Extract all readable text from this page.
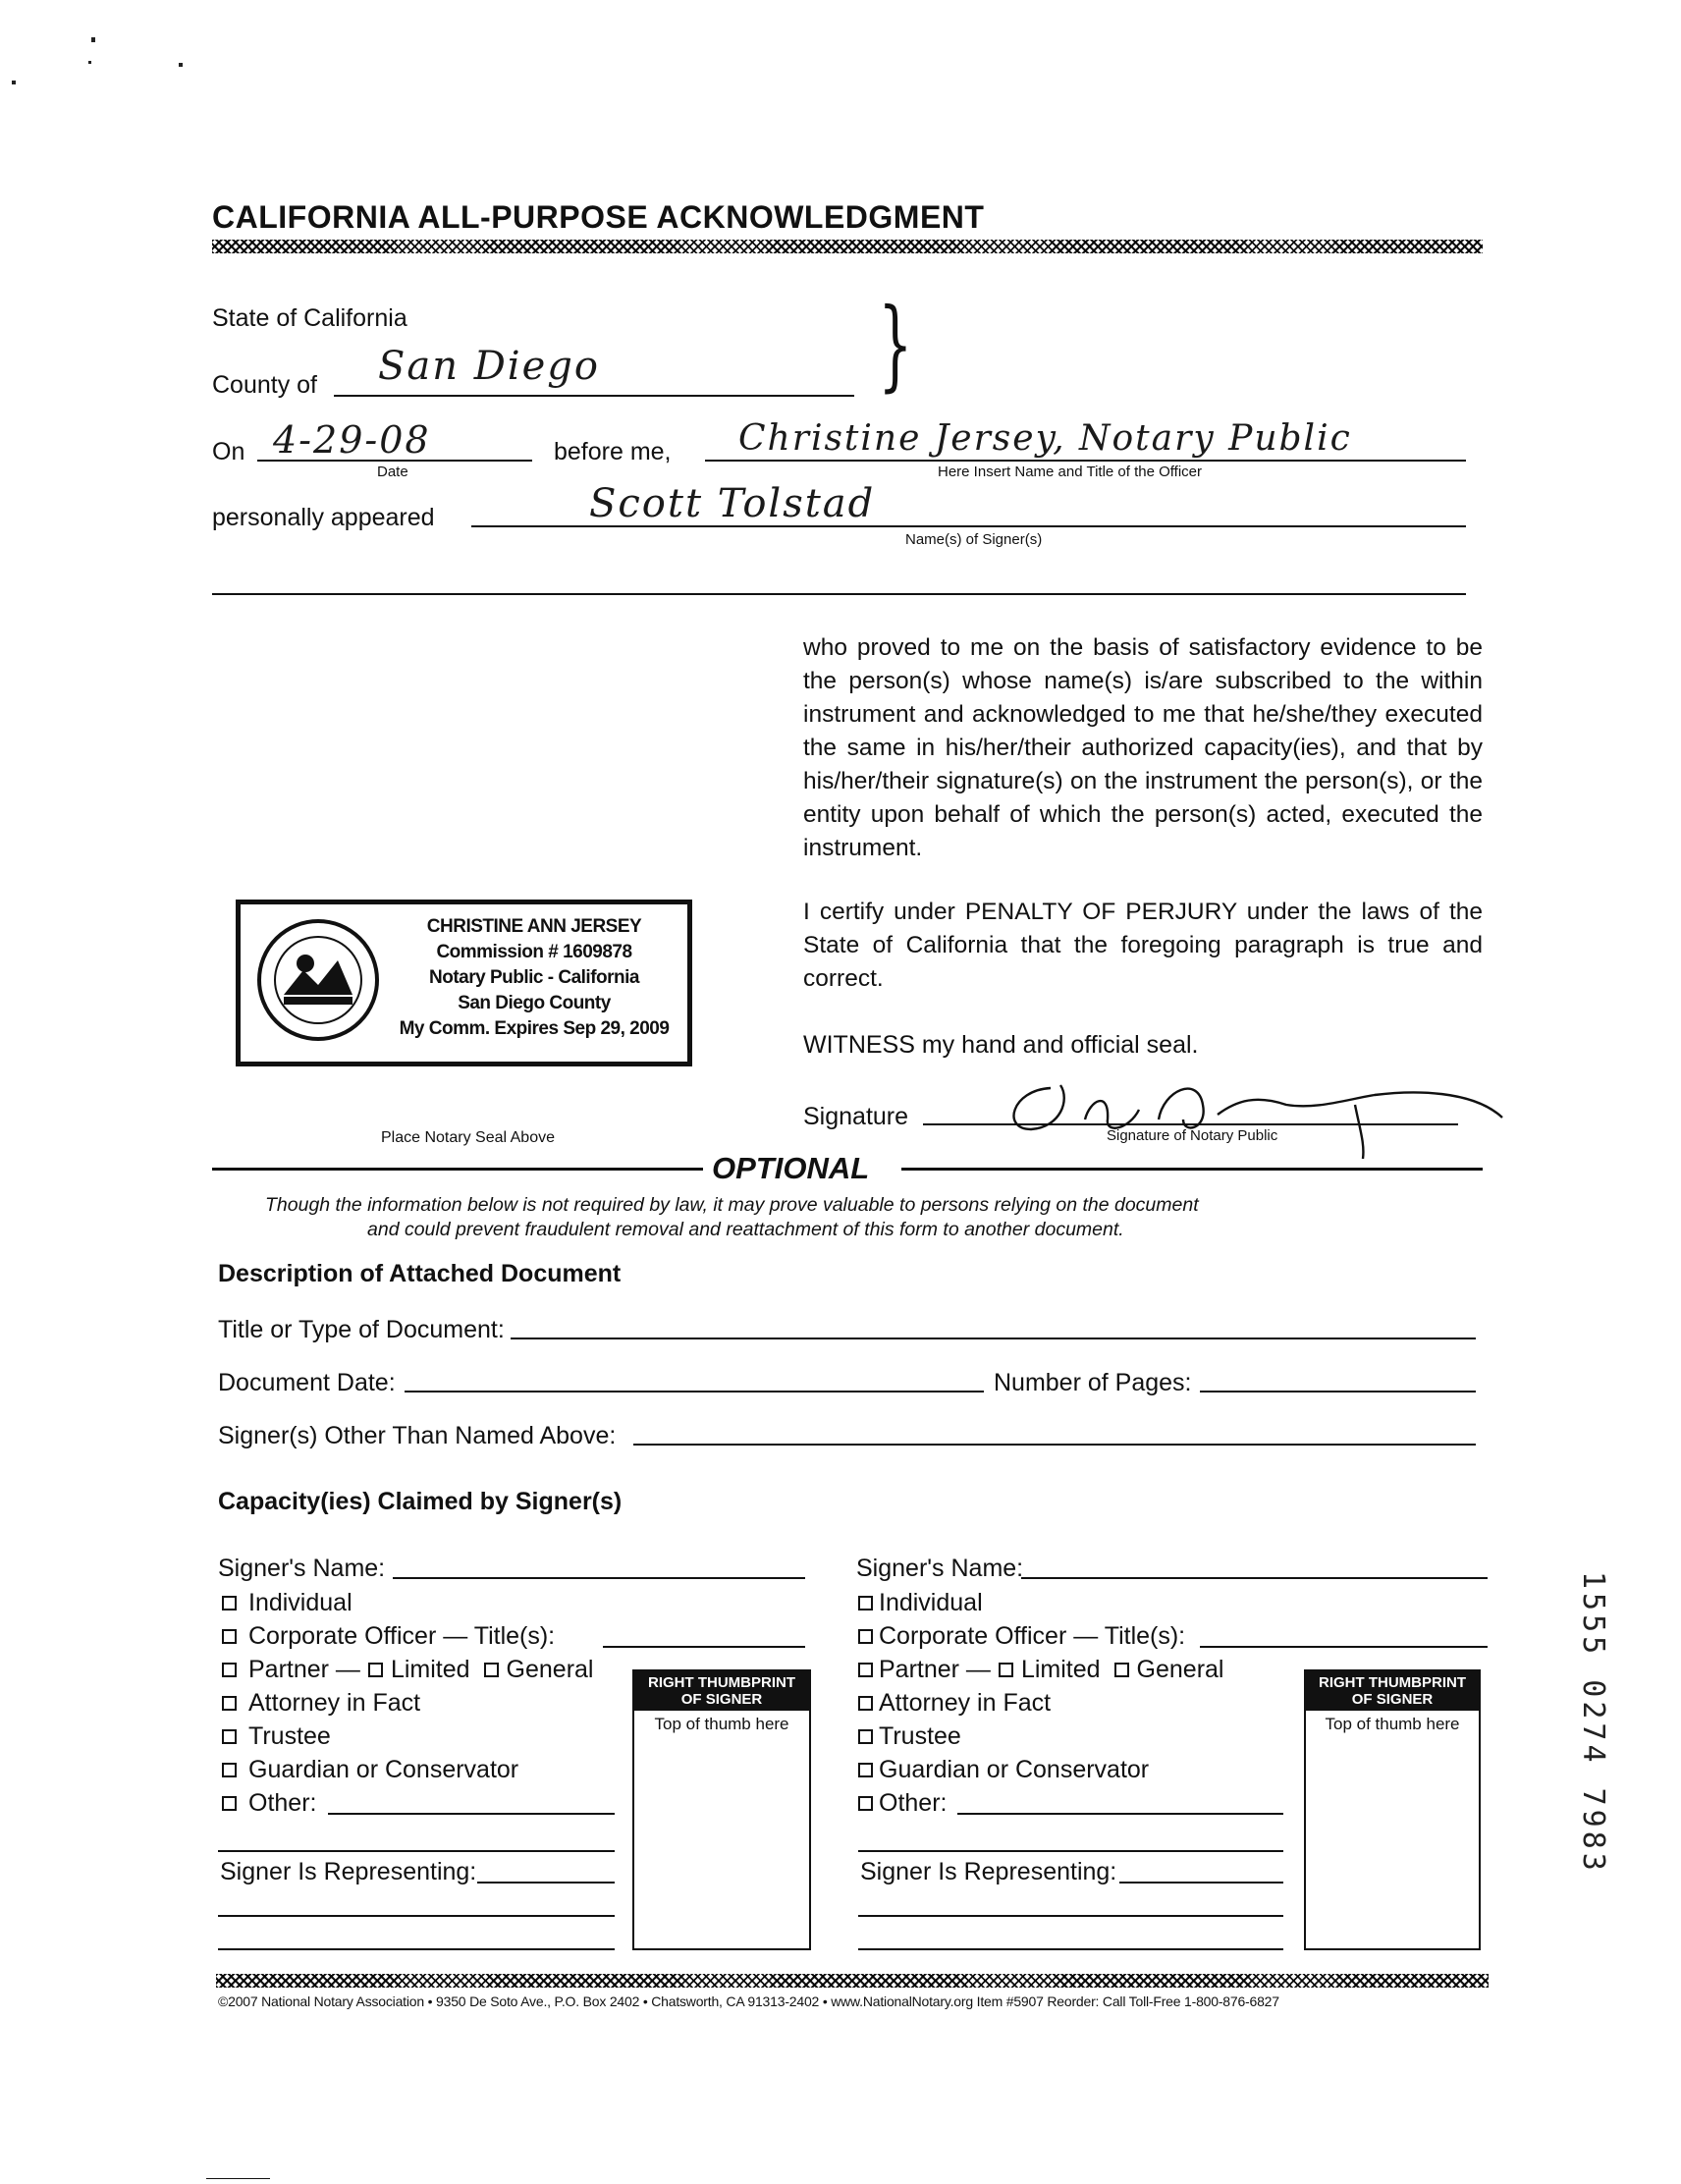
CALIFORNIA ALL-PURPOSE ACKNOWLEDGMENT
State of California
County of San Diego	}
On 4-29-08
Date
before me, Christine Jersey, Notary Public
Here Insert Name and Title of the Officer
personally appeared	Scott Tolstad
Name(s) of Signer(s)
who proved to me on the basis of satisfactory evidence to be the person(s) whose name(s) is/are subscribed to the within instrument and acknowledged to me that he/she/they executed the same in his/her/their authorized capacity(ies), and that by his/her/their signature(s) on the instrument the person(s), or the entity upon behalf of which the person(s) acted, executed the instrument.
I certify under PENALTY OF PERJURY under the laws of the State of California that the foregoing paragraph is true and correct.
WITNESS my hand and official seal.
Signature
Signature of Notary Public
CHRISTINE ANN JERSEY
Commission # 1609878
Notary Public - California
San Diego County
My Comm. Expires Sep 29, 2009
Place Notary Seal Above
OPTIONAL
Though the information below is not required by law, it may prove valuable to persons relying on the document
and could prevent fraudulent removal and reattachment of this form to another document.
Description of Attached Document
Title or Type of Document:
Document Date:	Number of Pages:
Signer(s) Other Than Named Above:
Capacity(ies) Claimed by Signer(s)
Signer's Name:
Individual
Corporate Officer — Title(s):
Partner — Limited General
Attorney in Fact
Trustee
Guardian or Conservator
Other:
Signer Is Representing:
RIGHT THUMBPRINT
OF SIGNER
Top of thumb here
Signer's Name:
Individual
Corporate Officer — Title(s):
Partner — Limited General
Attorney in Fact
Trustee
Guardian or Conservator
Other:
Signer Is Representing:
RIGHT THUMBPRINT
OF SIGNER
Top of thumb here
©2007 National Notary Association • 9350 De Soto Ave., P.O. Box 2402 • Chatsworth, CA 91313-2402 • www.NationalNotary.org Item #5907 Reorder: Call Toll-Free 1-800-876-6827
1555 0274 7983
